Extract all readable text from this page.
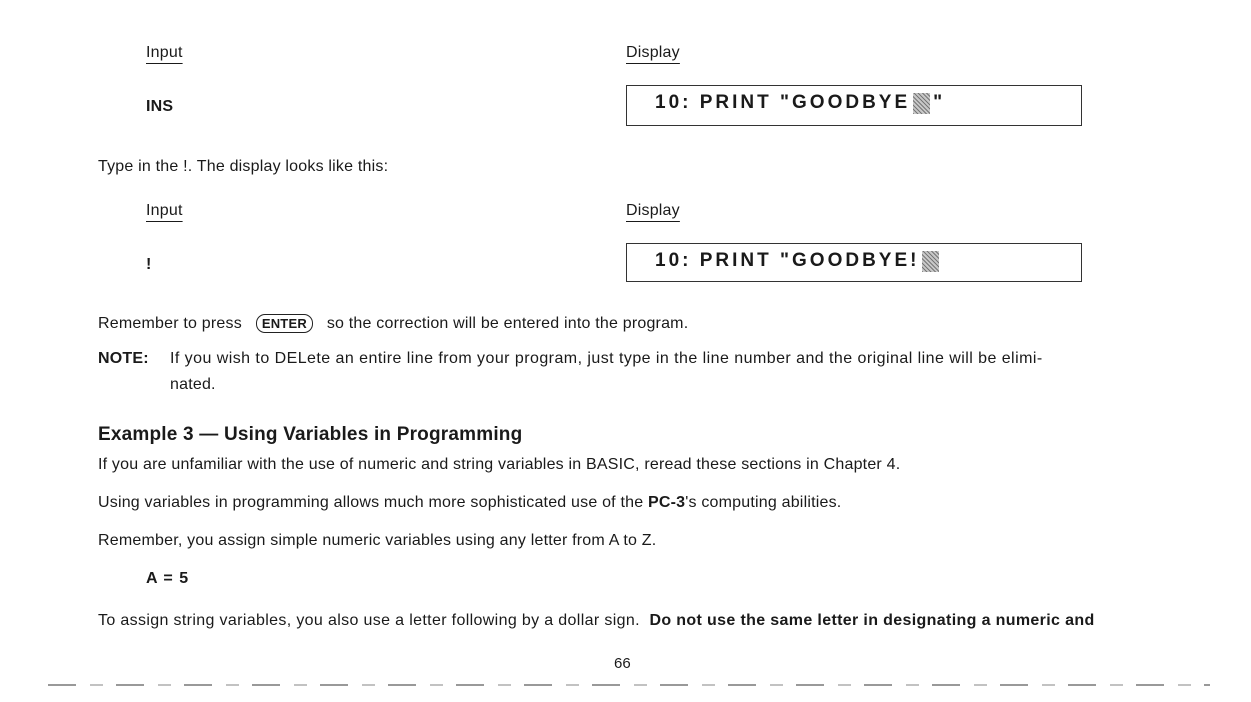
Input	Display
INS	10: PRINT "GOODBYE "
Type in the !. The display looks like this:
Input	Display
!	10: PRINT "GOODBYE!
Remember to press ENTER so the correction will be entered into the program.
NOTE: If you wish to DELete an entire line from your program, just type in the line number and the original line will be elimi-
nated.
Example 3 — Using Variables in Programming
If you are unfamiliar with the use of numeric and string variables in BASIC, reread these sections in Chapter 4.
Using variables in programming allows much more sophisticated use of the PC-3's computing abilities.
Remember, you assign simple numeric variables using any letter from A to Z.
A = 5
To assign string variables, you also use a letter following by a dollar sign. Do not use the same letter in designating a numeric and
66
